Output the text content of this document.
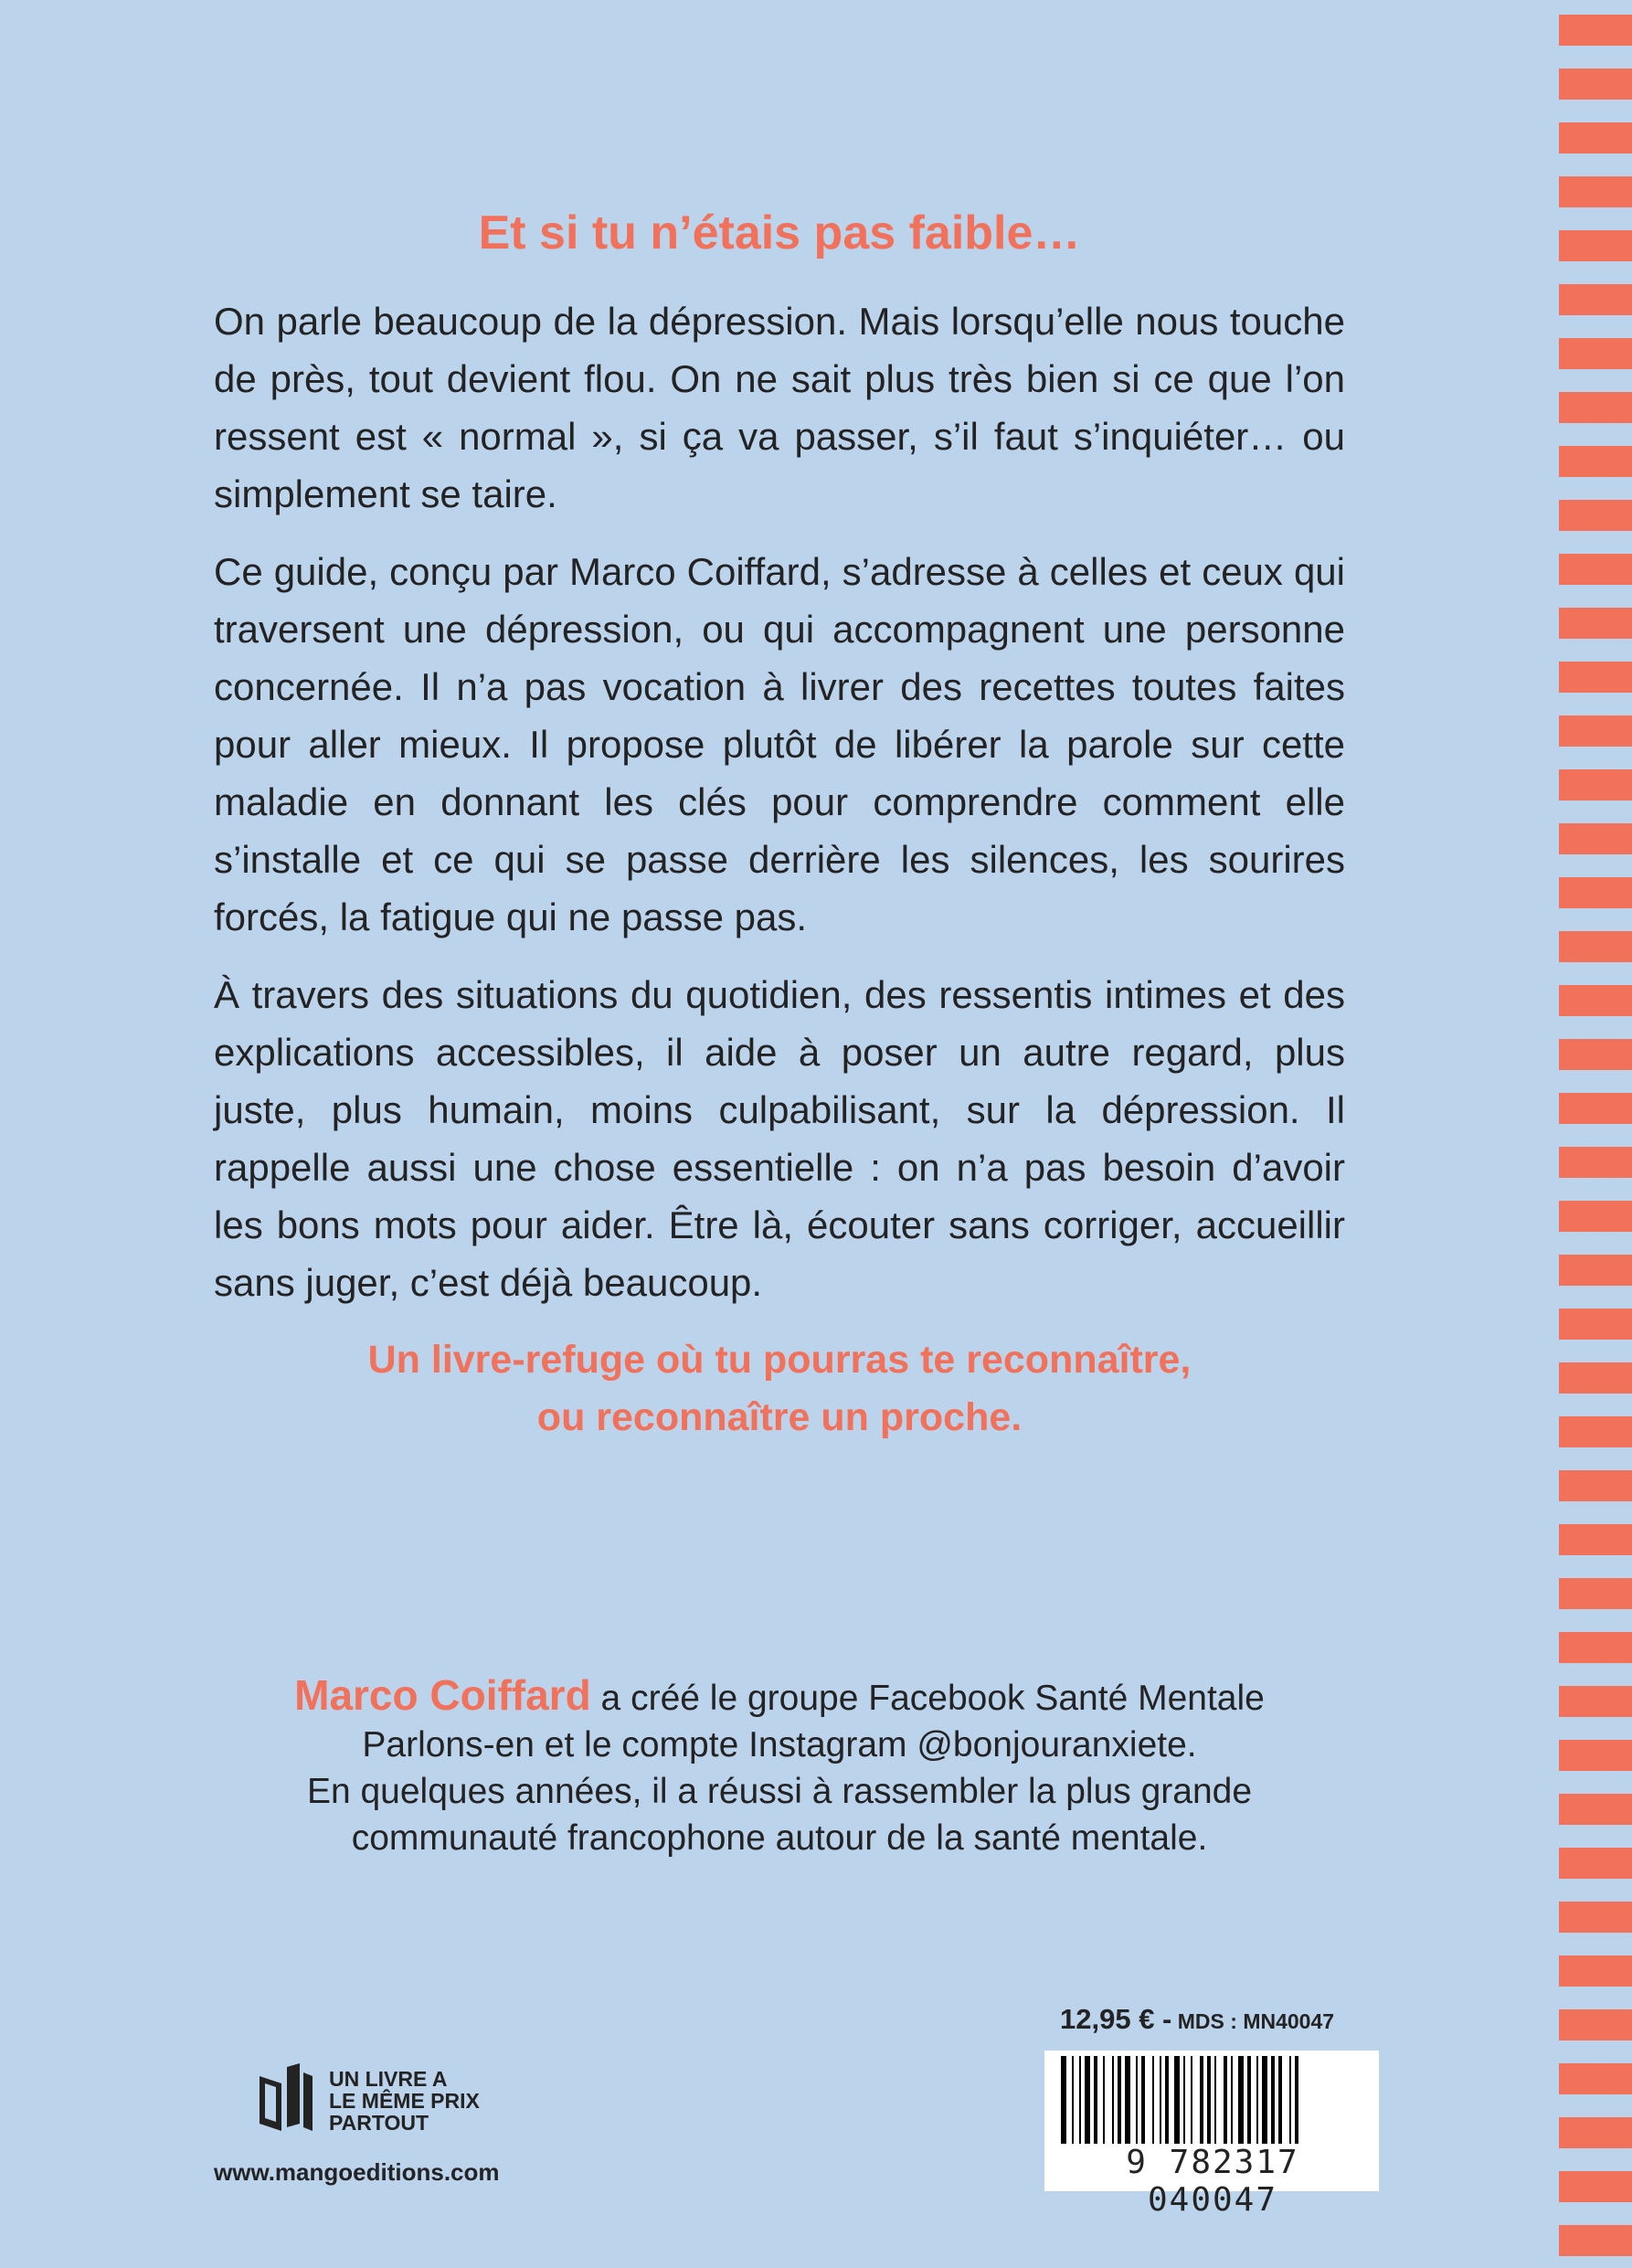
Et si tu n’étais pas faible…

On parle beaucoup de la dépression. Mais lorsqu’elle nous touche de près, tout devient flou. On ne sait plus très bien si ce que l’on ressent est « normal », si ça va passer, s’il faut s’inquiéter… ou simplement se taire.

Ce guide, conçu par Marco Coiffard, s’adresse à celles et ceux qui traversent une dépression, ou qui accompagnent une personne concernée. Il n’a pas vocation à livrer des recettes toutes faites pour aller mieux. Il propose plutôt de libérer la parole sur cette maladie en donnant les clés pour comprendre comment elle s’installe et ce qui se passe derrière les silences, les sourires forcés, la fatigue qui ne passe pas.

À travers des situations du quotidien, des ressentis intimes et des explications accessibles, il aide à poser un autre regard, plus juste, plus humain, moins culpabilisant, sur la dépression. Il rappelle aussi une chose essentielle : on n’a pas besoin d’avoir les bons mots pour aider. Être là, écouter sans corriger, accueillir sans juger, c’est déjà beaucoup.

Un livre-refuge où tu pourras te reconnaître,
ou reconnaître un proche.
Marco Coiffard a créé le groupe Facebook Santé Mentale
Parlons-en et le compte Instagram @bonjouranxiete.
En quelques années, il a réussi à rassembler la plus grande
communauté francophone autour de la santé mentale.
UN LIVRE A
LE MÊME PRIX
PARTOUT
www.mangoeditions.com
12,95 € - MDS : MN40047
9 782317 040047
